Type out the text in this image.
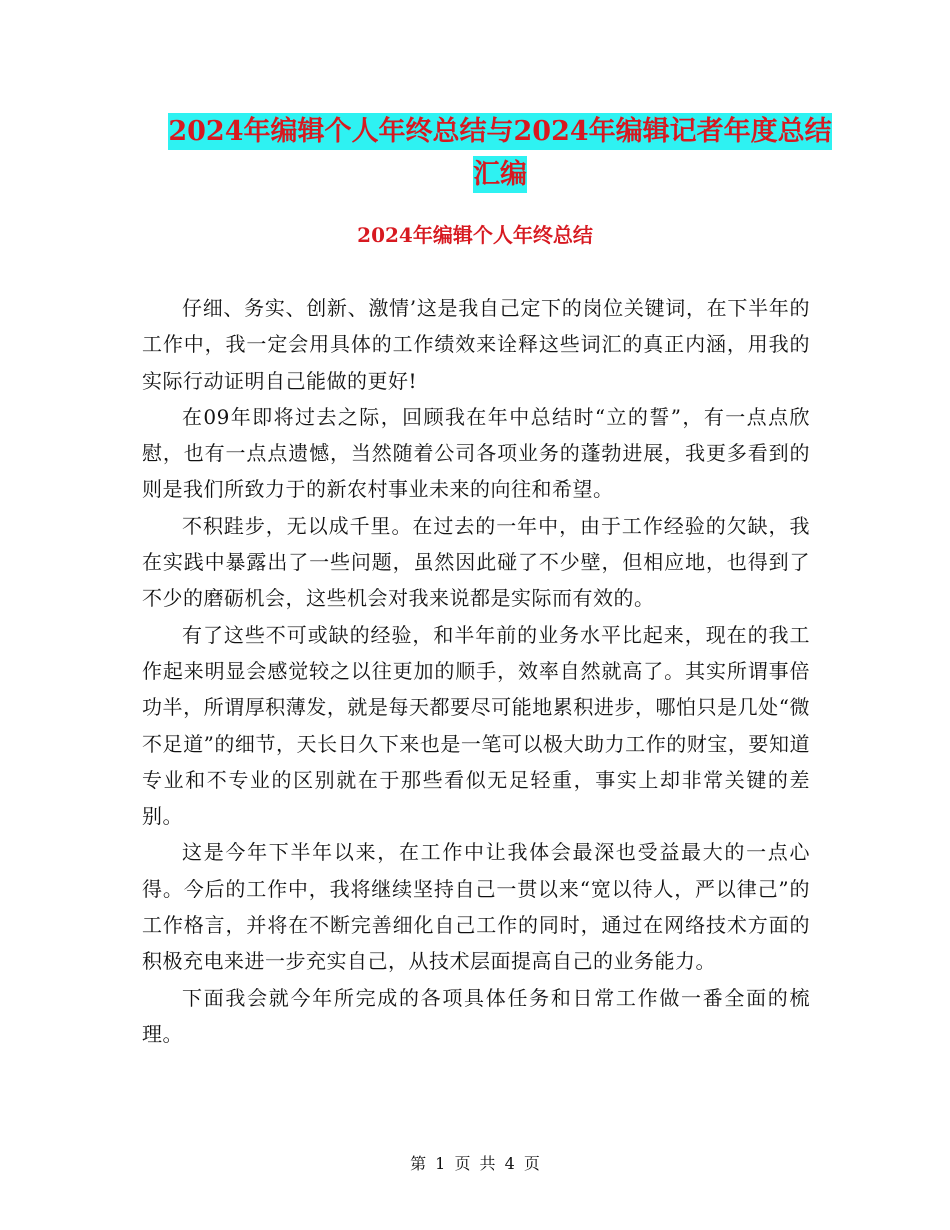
2024年编辑个人年终总结与2024年编辑记者年度总结
汇编
2024年编辑个人年终总结

仔细、务实、创新、激情’这是我自己定下的岗位关键词，在下半年的工作中，我一定会用具体的工作绩效来诠释这些词汇的真正内涵，用我的实际行动证明自己能做的更好!

在09年即将过去之际，回顾我在年中总结时“立的誓”，有一点点欣慰，也有一点点遗憾，当然随着公司各项业务的蓬勃进展，我更多看到的则是我们所致力于的新农村事业未来的向往和希望。

不积跬步，无以成千里。在过去的一年中，由于工作经验的欠缺，我在实践中暴露出了一些问题，虽然因此碰了不少壁，但相应地，也得到了不少的磨砺机会，这些机会对我来说都是实际而有效的。

有了这些不可或缺的经验，和半年前的业务水平比起来，现在的我工作起来明显会感觉较之以往更加的顺手，效率自然就高了。其实所谓事倍功半，所谓厚积薄发，就是每天都要尽可能地累积进步，哪怕只是几处“微不足道”的细节，天长日久下来也是一笔可以极大助力工作的财宝，要知道专业和不专业的区别就在于那些看似无足轻重，事实上却非常关键的差别。

这是今年下半年以来，在工作中让我体会最深也受益最大的一点心得。今后的工作中，我将继续坚持自己一贯以来“宽以待人，严以律己”的工作格言，并将在不断完善细化自己工作的同时，通过在网络技术方面的积极充电来进一步充实自己，从技术层面提高自己的业务能力。

下面我会就今年所完成的各项具体任务和日常工作做一番全面的梳理。

第 1 页 共 4 页
